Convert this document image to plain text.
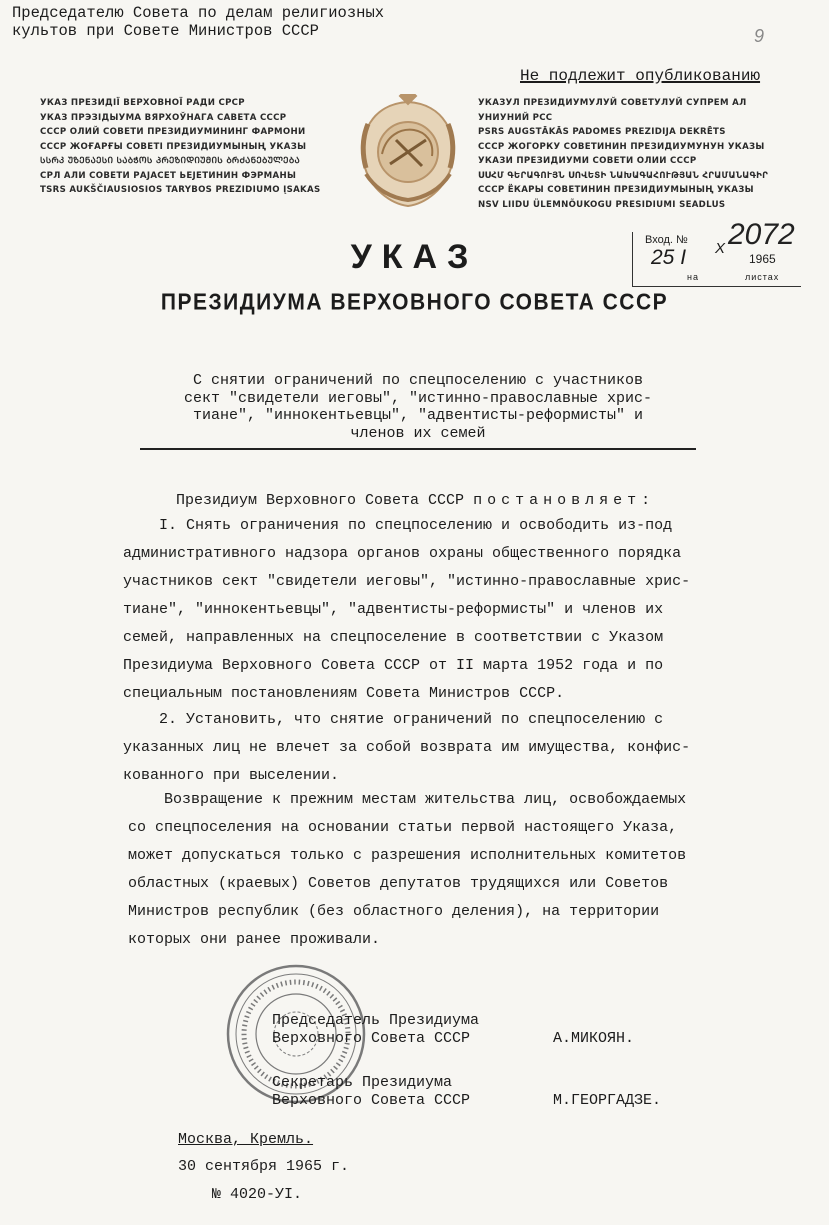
9
Председателю Совета по делам религиозных
культов при Совете Министров СССР
Не подлежит опубликованию
УКАЗ ПРЕЗИДІЇ ВЕРХОВНОЇ РАДИ СРСР
УКАЗ ПРЭЗІДЫУМА ВЯРХОЎНАГА САВЕТА СССР
СССР ОЛИЙ СОВЕТИ ПРЕЗИДИУМИНИНГ ФАРМОНИ
СССР ЖОҒАРҒЫ СОВЕТІ ПРЕЗИДИУМЫНЫҢ УКАЗЫ
ᲡᲡᲠᲙ ᲣᲖᲔᲜᲐᲔᲡᲘ ᲡᲐᲑᲭᲝᲡ ᲞᲠᲔᲖᲘᲓᲘᲣᲛᲘᲡ ᲑᲠᲫᲐᲜᲔᲑᲣᲚᲔᲑᲐ
СРЛ АЛИ СОВЕТИ РАЈАСЕТ ЬЕЈЕТИНИН ФЭРМАНЫ
TSRS AUKŠČIAUSIOSIOS TARYBOS PREZIDIUMO ĮSAKAS
УКАЗУЛ ПРЕЗИДИУМУЛУЙ СОВЕТУЛУЙ СУПРЕМ АЛ УНИУНИЙ РСС
PSRS AUGSTĀKĀS PADOMES PREZIDIJA DEKRĒTS
СССР ЖОГОРКУ СОВЕТИНИН ПРЕЗИДИУМУНУН УКАЗЫ
УКАЗИ ПРЕЗИДИУМИ СОВЕТИ ОЛИИ СССР
ՍՍՀՄ ԳԵՐԱԳՈՒՅՆ ՍՈՎԵՏԻ ՆԱԽԱԳԱՀՈՒԹՅԱՆ ՀՐԱՄԱՆԱԳԻՐ
СССР ЁКАРЫ СОВЕТИНИН ПРЕЗИДИУМЫНЫҢ УКАЗЫ
NSV LIIDU ÜLEMNÕUKOGU PRESIDIUMI SEADLUS
Вход. № 2072
25 I	1965
на	листах
X
УКАЗ
ПРЕЗИДИУМА ВЕРХОВНОГО СОВЕТА СССР
С снятии ограничений по спецпоселению с участников
сект "свидетели иеговы", "истинно-православные хрис-
тиане", "иннокентьевцы", "адвентисты-реформисты" и
членов их семей
Президиум Верховного Совета СССР постановляет:
I. Снять ограничения по спецпоселению и освободить из-под
административного надзора органов охраны общественного порядка
участников сект "свидетели иеговы", "истинно-православные хрис-
тиане", "иннокентьевцы", "адвентисты-реформисты" и членов их
семей, направленных на спецпоселение в соответствии с Указом
Президиума Верховного Совета СССР от II марта 1952 года и по
специальным постановлениям Совета Министров СССР.
2. Установить, что снятие ограничений по спецпоселению с
указанных лиц не влечет за собой возврата им имущества, конфис-
кованного при выселении.
Возвращение к прежним местам жительства лиц, освобождаемых
со спецпоселения на основании статьи первой настоящего Указа,
может допускаться только с разрешения исполнительных комитетов
областных (краевых) Советов депутатов трудящихся или Советов
Министров республик (без областного деления), на территории
которых они ранее проживали.
Председатель Президиума
Верховного Совета СССР	А.МИКОЯН.
Секретарь Президиума
Верховного Совета СССР	М.ГЕОРГАДЗЕ.
Москва, Кремль.
30 сентября 1965 г.
№ 4020-УI.
